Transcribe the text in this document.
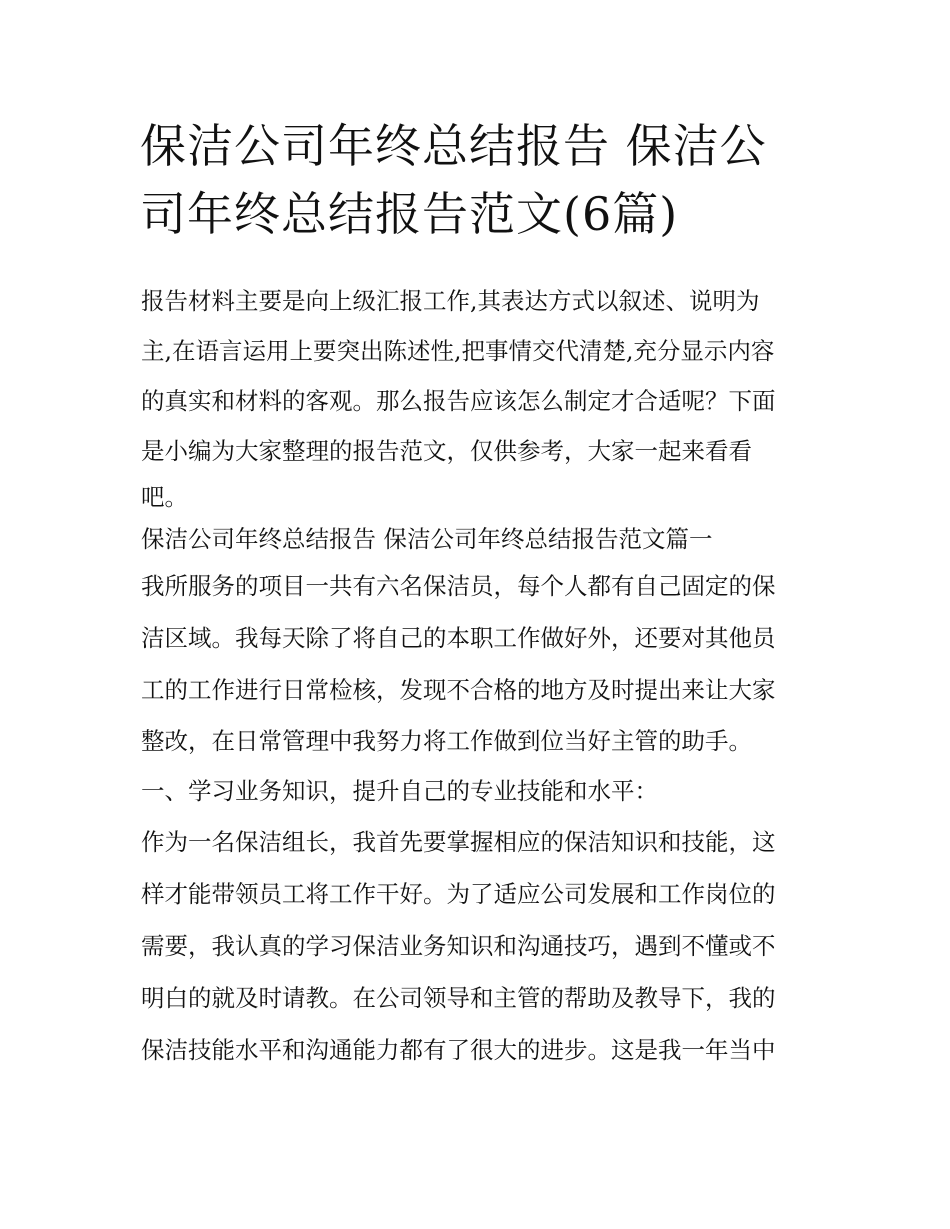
保洁公司年终总结报告 保洁公
司年终总结报告范文(6篇)
报告材料主要是向上级汇报工作,其表达方式以叙述、说明为
主,在语言运用上要突出陈述性,把事情交代清楚,充分显示内容
的真实和材料的客观。那么报告应该怎么制定才合适呢？下面
是小编为大家整理的报告范文，仅供参考，大家一起来看看
吧。
保洁公司年终总结报告 保洁公司年终总结报告范文篇一
我所服务的项目一共有六名保洁员，每个人都有自己固定的保
洁区域。我每天除了将自己的本职工作做好外，还要对其他员
工的工作进行日常检核，发现不合格的地方及时提出来让大家
整改，在日常管理中我努力将工作做到位当好主管的助手。
一、学习业务知识，提升自己的专业技能和水平：
作为一名保洁组长，我首先要掌握相应的保洁知识和技能，这
样才能带领员工将工作干好。为了适应公司发展和工作岗位的
需要，我认真的学习保洁业务知识和沟通技巧，遇到不懂或不
明白的就及时请教。在公司领导和主管的帮助及教导下，我的
保洁技能水平和沟通能力都有了很大的进步。这是我一年当中
